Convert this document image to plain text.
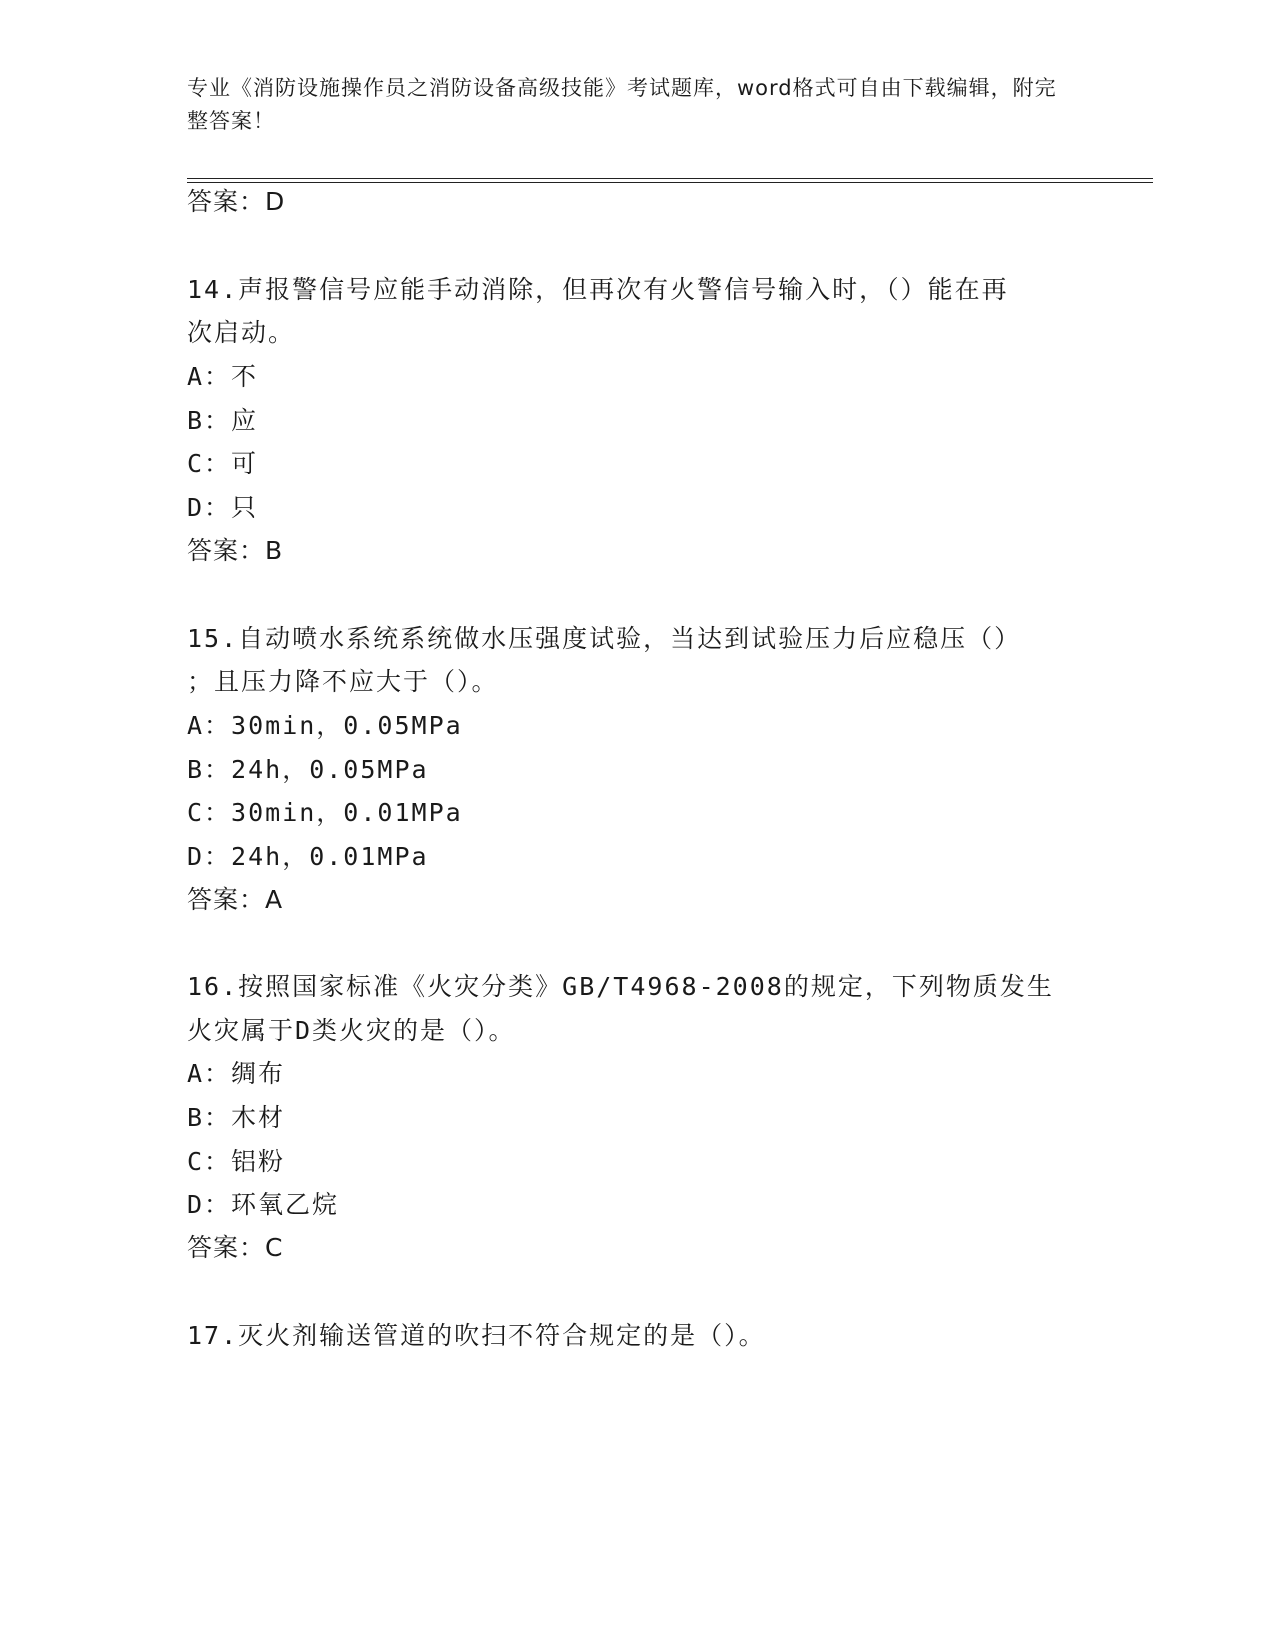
专业《消防设施操作员之消防设备高级技能》考试题库，word格式可自由下载编辑，附完整答案！

答案：D

14.声报警信号应能手动消除，但再次有火警信号输入时，（）能在再

次启动。

A：不

B：应

C：可

D：只

答案：B

15.自动喷水系统系统做水压强度试验，当达到试验压力后应稳压（）

；且压力降不应大于（）。

A：30min，0.05MPa

B：24h，0.05MPa

C：30min，0.01MPa

D：24h，0.01MPa

答案：A

16.按照国家标准《火灾分类》GB/T4968-2008的规定，下列物质发生

火灾属于D类火灾的是（）。

A：绸布

B：木材

C：铝粉

D：环氧乙烷

答案：C

17.灭火剂输送管道的吹扫不符合规定的是（）。
